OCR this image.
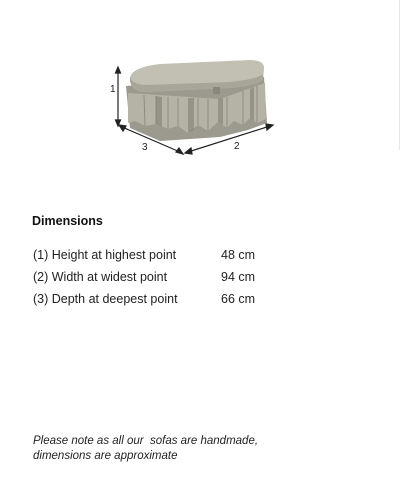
1
3	2
Dimensions
(1) Height at highest point	48 cm
(2) Width at widest point	94 cm
(3) Depth at deepest point	66 cm
Please note as all our  sofas are handmade,
dimensions are approximate
